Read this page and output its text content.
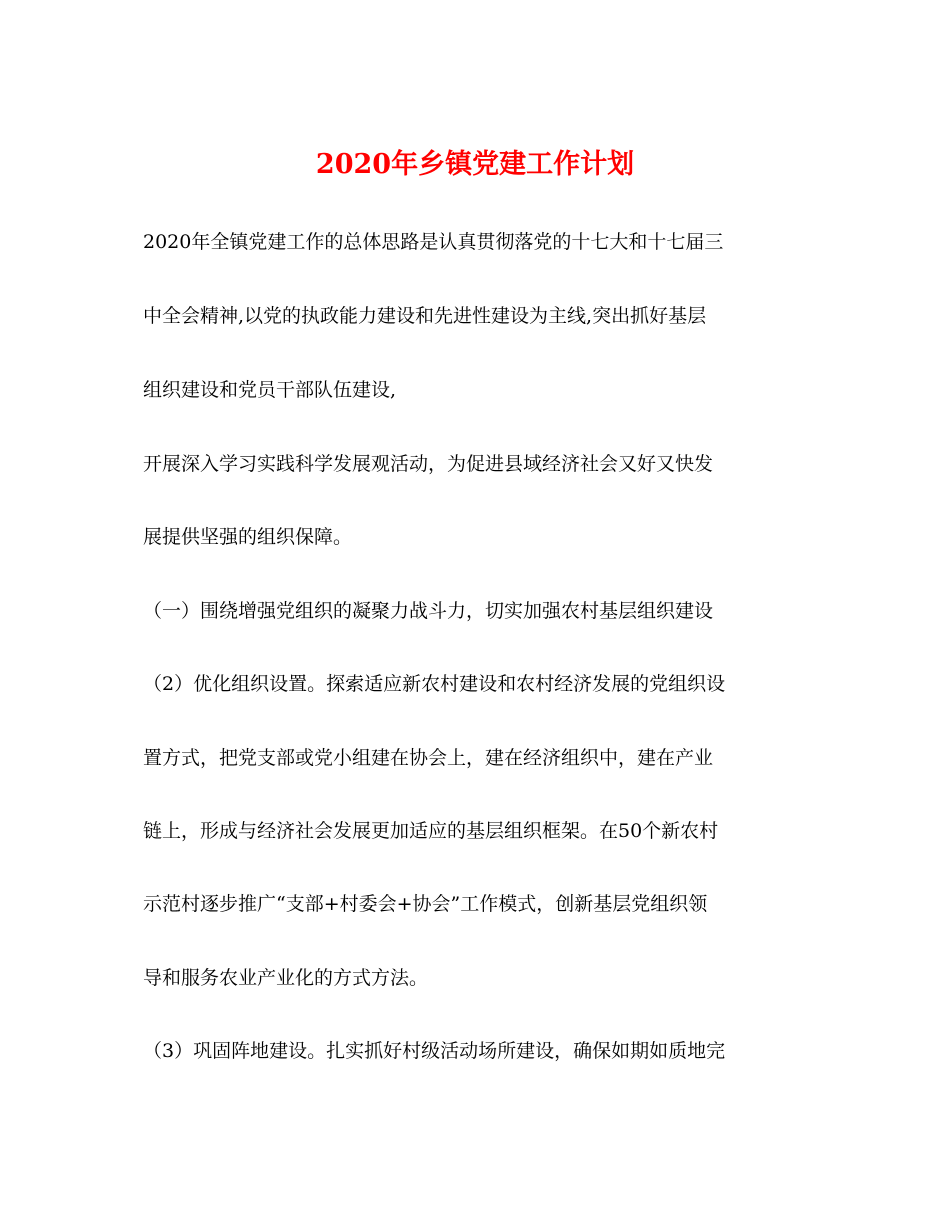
2020年乡镇党建工作计划
2020年全镇党建工作的总体思路是认真贯彻落党的十七大和十七届三
中全会精神,以党的执政能力建设和先进性建设为主线,突出抓好基层
组织建设和党员干部队伍建设,
开展深入学习实践科学发展观活动，为促进县域经济社会又好又快发
展提供坚强的组织保障。
（一）围绕增强党组织的凝聚力战斗力，切实加强农村基层组织建设
（2）优化组织设置。探索适应新农村建设和农村经济发展的党组织设
置方式，把党支部或党小组建在协会上，建在经济组织中，建在产业
链上，形成与经济社会发展更加适应的基层组织框架。在50个新农村
示范村逐步推广“支部+村委会+协会”工作模式，创新基层党组织领
导和服务农业产业化的方式方法。
（3）巩固阵地建设。扎实抓好村级活动场所建设，确保如期如质地完
